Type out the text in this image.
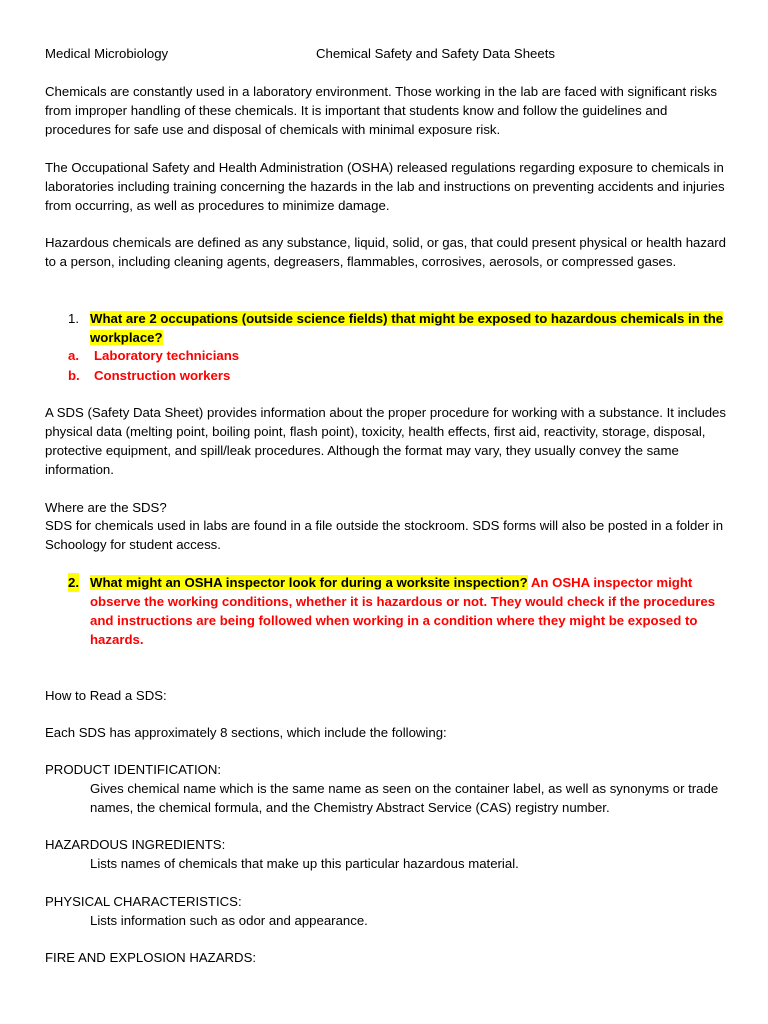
Medical Microbiology	Chemical Safety and Safety Data Sheets

Chemicals are constantly used in a laboratory environment. Those working in the lab are faced with significant risks from improper handling of these chemicals. It is important that students know and follow the guidelines and procedures for safe use and disposal of chemicals with minimal exposure risk.

The Occupational Safety and Health Administration (OSHA) released regulations regarding exposure to chemicals in laboratories including training concerning the hazards in the lab and instructions on preventing accidents and injuries from occurring, as well as procedures to minimize damage.

Hazardous chemicals are defined as any substance, liquid, solid, or gas, that could present physical or health hazard to a person, including cleaning agents, degreasers, flammables, corrosives, aerosols, or compressed gases.

1. What are 2 occupations (outside science fields) that might be exposed to hazardous chemicals in the workplace?
a. Laboratory technicians
b. Construction workers

A SDS (Safety Data Sheet) provides information about the proper procedure for working with a substance. It includes physical data (melting point, boiling point, flash point), toxicity, health effects, first aid, reactivity, storage, disposal, protective equipment, and spill/leak procedures. Although the format may vary, they usually convey the same information.

Where are the SDS?

SDS for chemicals used in labs are found in a file outside the stockroom. SDS forms will also be posted in a folder in Schoology for student access.

2. What might an OSHA inspector look for during a worksite inspection? An OSHA inspector might observe the working conditions, whether it is hazardous or not. They would check if the procedures and instructions are being followed when working in a condition where they might be exposed to hazards.

How to Read a SDS:

Each SDS has approximately 8 sections, which include the following:

PRODUCT IDENTIFICATION:

Gives chemical name which is the same name as seen on the container label, as well as synonyms or trade names, the chemical formula, and the Chemistry Abstract Service (CAS) registry number.

HAZARDOUS INGREDIENTS:

Lists names of chemicals that make up this particular hazardous material.

PHYSICAL CHARACTERISTICS:

Lists information such as odor and appearance.

FIRE AND EXPLOSION HAZARDS:
